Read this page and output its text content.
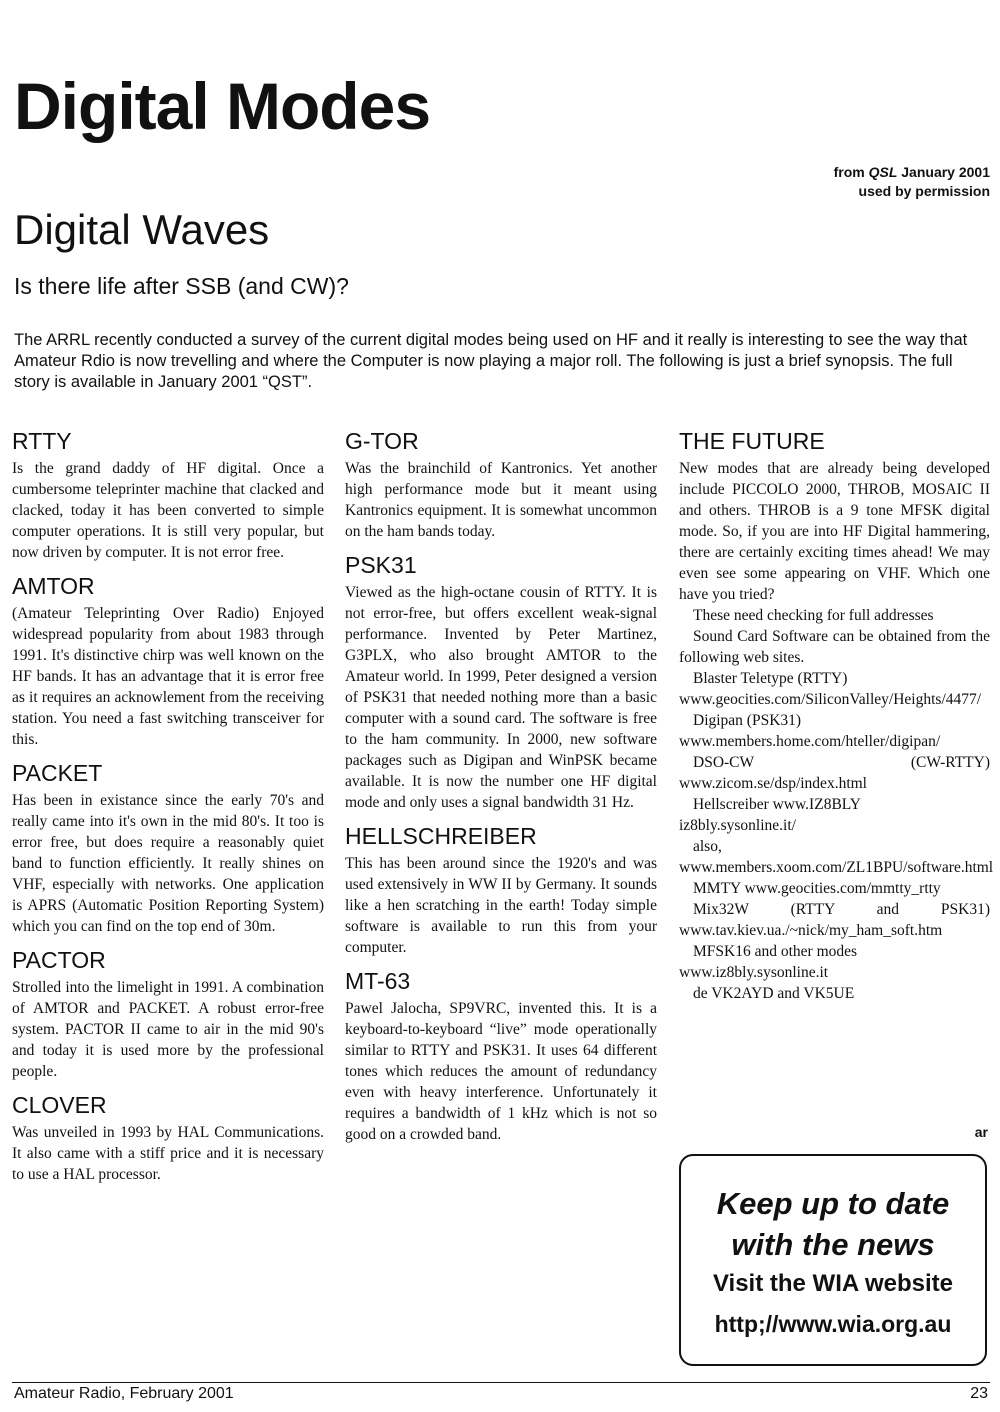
Digital Modes
from QSL January 2001
used by permission
Digital Waves
Is there life after SSB (and CW)?

The ARRL recently conducted a survey of the current digital modes being used on HF and it really is interesting to see the way that Amateur Rdio is now trevelling and where the Computer is now playing a major roll. The following is just a brief synopsis. The full story is available in January 2001 “QST”.

RTTY

Is the grand daddy of HF digital. Once a cumbersome teleprinter machine that clacked and clacked, today it has been converted to simple computer operations. It is still very popular, but now driven by computer. It is not error free.

AMTOR

(Amateur Teleprinting Over Radio) Enjoyed widespread popularity from about 1983 through 1991. It's distinctive chirp was well known on the HF bands. It has an advantage that it is error free as it requires an acknowlement from the receiving station. You need a fast switching transceiver for this.

PACKET

Has been in existance since the early 70's and really came into it's own in the mid 80's. It too is error free, but does require a reasonably quiet band to function efficiently. It really shines on VHF, especially with networks. One application is APRS (Automatic Position Reporting System) which you can find on the top end of 30m.

PACTOR

Strolled into the limelight in 1991. A combination of AMTOR and PACKET. A robust error-free system. PACTOR II came to air in the mid 90's and today it is used more by the professional people.

CLOVER

Was unveiled in 1993 by HAL Communications. It also came with a stiff price and it is necessary to use a HAL processor.

G-TOR

Was the brainchild of Kantronics. Yet another high performance mode but it meant using Kantronics equipment. It is somewhat uncommon on the ham bands today.

PSK31

Viewed as the high-octane cousin of RTTY. It is not error-free, but offers excellent weak-signal performance. Invented by Peter Martinez, G3PLX, who also brought AMTOR to the Amateur world. In 1999, Peter designed a version of PSK31 that needed nothing more than a basic computer with a sound card. The software is free to the ham community. In 2000, new software packages such as Digipan and WinPSK became available. It is now the number one HF digital mode and only uses a signal bandwidth 31 Hz.

HELLSCHREIBER

This has been around since the 1920's and was used extensively in WW II by Germany. It sounds like a hen scratching in the earth! Today simple software is available to run this from your computer.

MT-63

Pawel Jalocha, SP9VRC, invented this. It is a keyboard-to-keyboard “live” mode operationally similar to RTTY and PSK31. It uses 64 different tones which reduces the amount of redundancy even with heavy interference. Unfortunately it requires a bandwidth of 1 kHz which is not so good on a crowded band.

THE FUTURE

New modes that are already being developed include PICCOLO 2000, THROB, MOSAIC II and others. THROB is a 9 tone MFSK digital mode. So, if you are into HF Digital hammering, there are certainly exciting times ahead! We may even see some appearing on VHF. Which one have you tried?

These need checking for full addresses

Sound Card Software can be obtained from the following web sites.

Blaster Teletype (RTTY)

www.geocities.com/SiliconValley/Heights/4477/

Digipan (PSK31)

www.members.home.com/hteller/digipan/

DSO-CW (CW-RTTY) www.zicom.se/dsp/index.html

Hellscreiber www.IZ8BLY

iz8bly.sysonline.it/

also, www.members.xoom.com/ZL1BPU/software.html

MMTY www.geocities.com/mmtty_rtty

Mix32W (RTTY and PSK31) www.tav.kiev.ua./~nick/my_ham_soft.htm

MFSK16 and other modes

www.iz8bly.sysonline.it

de VK2AYD and VK5UE

ar
Keep up to date
with the news
Visit the WIA website
http;//www.wia.org.au
Amateur Radio, February 2001	23
